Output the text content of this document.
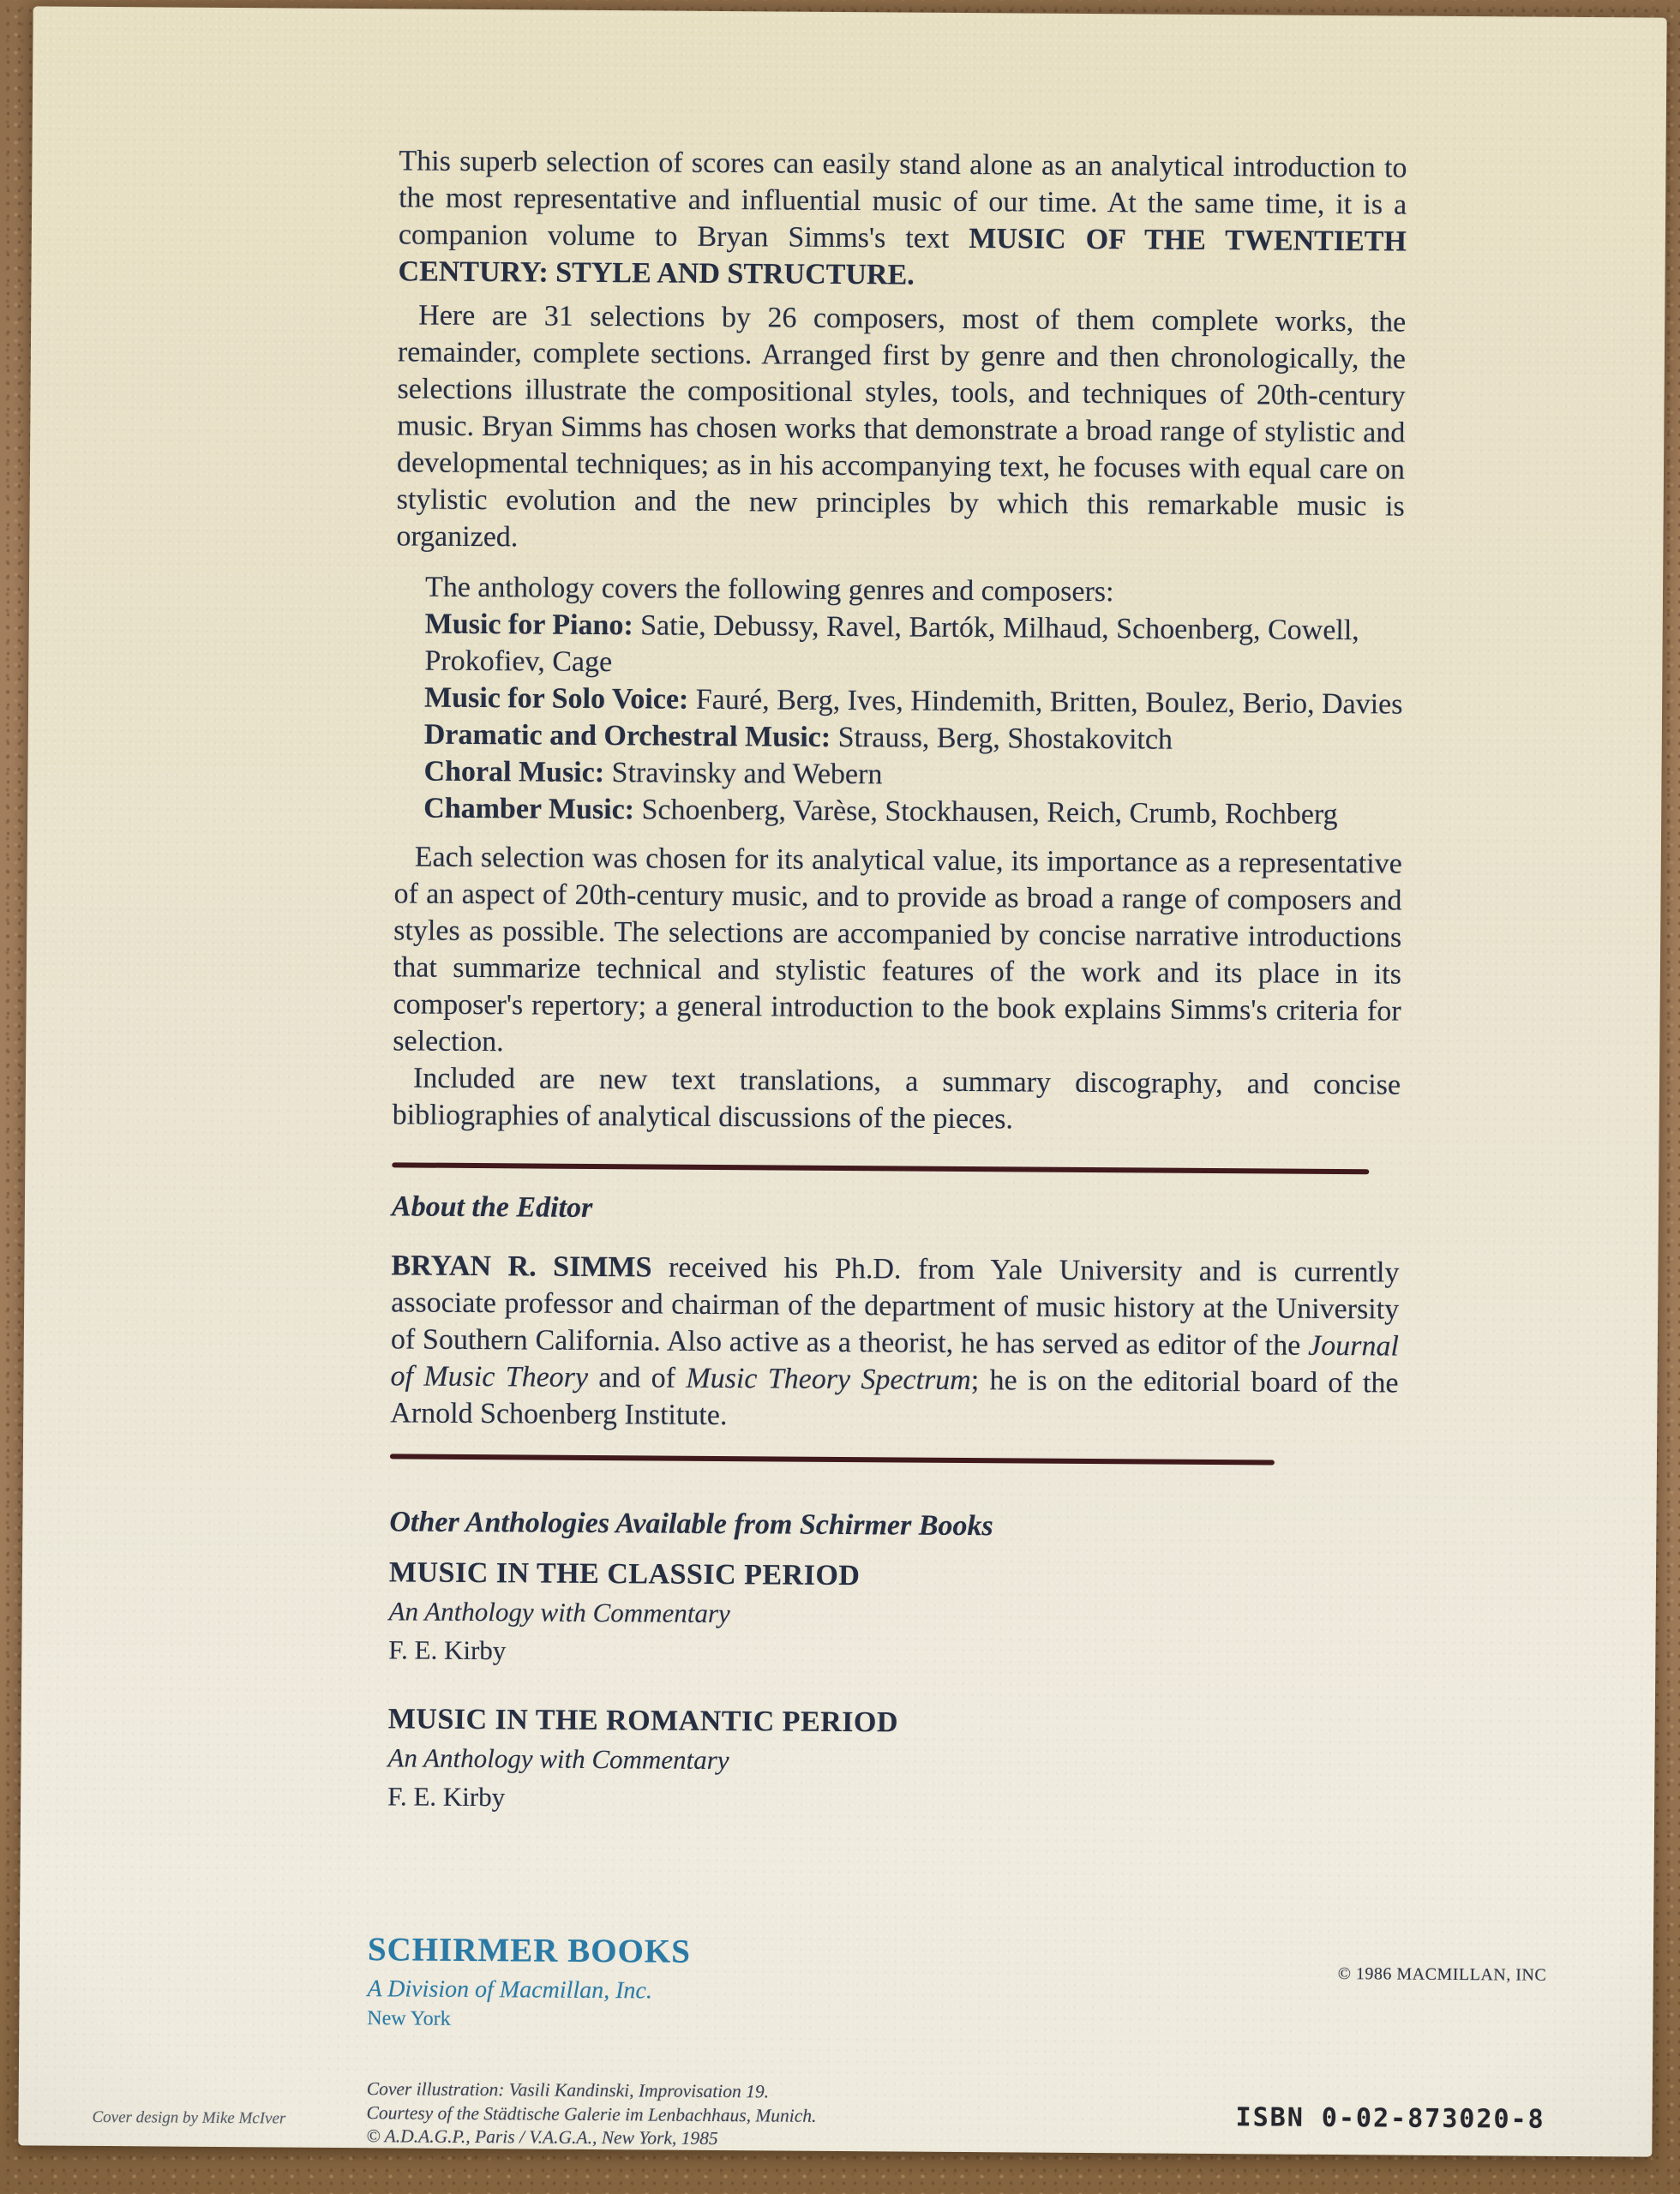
This superb selection of scores can easily stand alone as an analytical introduction to the most representative and influential music of our time. At the same time, it is a companion volume to Bryan Simms's text MUSIC OF THE TWENTIETH CENTURY: STYLE AND STRUCTURE.

Here are 31 selections by 26 composers, most of them complete works, the remainder, complete sections. Arranged first by genre and then chronologically, the selections illustrate the compositional styles, tools, and techniques of 20th-century music. Bryan Simms has chosen works that demonstrate a broad range of stylistic and developmental techniques; as in his accompanying text, he focuses with equal care on stylistic evolution and the new principles by which this remarkable music is organized.

The anthology covers the following genres and composers:

Music for Piano: Satie, Debussy, Ravel, Bartók, Milhaud, Schoenberg, Cowell, Prokofiev, Cage
Music for Solo Voice: Fauré, Berg, Ives, Hindemith, Britten, Boulez, Berio, Davies
Dramatic and Orchestral Music: Strauss, Berg, Shostakovitch
Choral Music: Stravinsky and Webern
Chamber Music: Schoenberg, Varèse, Stockhausen, Reich, Crumb, Rochberg

Each selection was chosen for its analytical value, its importance as a representative of an aspect of 20th-century music, and to provide as broad a range of composers and styles as possible. The selections are accompanied by concise narrative introductions that summarize technical and stylistic features of the work and its place in its composer's repertory; a general introduction to the book explains Simms's criteria for selection.

Included are new text translations, a summary discography, and concise bibliographies of analytical discussions of the pieces.

About the Editor

BRYAN R. SIMMS received his Ph.D. from Yale University and is currently associate professor and chairman of the department of music history at the University of Southern California. Also active as a theorist, he has served as editor of the Journal of Music Theory and of Music Theory Spectrum; he is on the editorial board of the Arnold Schoenberg Institute.

Other Anthologies Available from Schirmer Books
MUSIC IN THE CLASSIC PERIOD
An Anthology with Commentary
F. E. Kirby
MUSIC IN THE ROMANTIC PERIOD
An Anthology with Commentary
F. E. Kirby
SCHIRMER BOOKS
A Division of Macmillan, Inc.
New York
© 1986 MACMILLAN, INC
Cover illustration: Vasili Kandinski, Improvisation 19.
Courtesy of the Städtische Galerie im Lenbachhaus, Munich.
© A.D.A.G.P., Paris / V.A.G.A., New York, 1985
Cover design by Mike McIver	ISBN 0-02-873020-8
